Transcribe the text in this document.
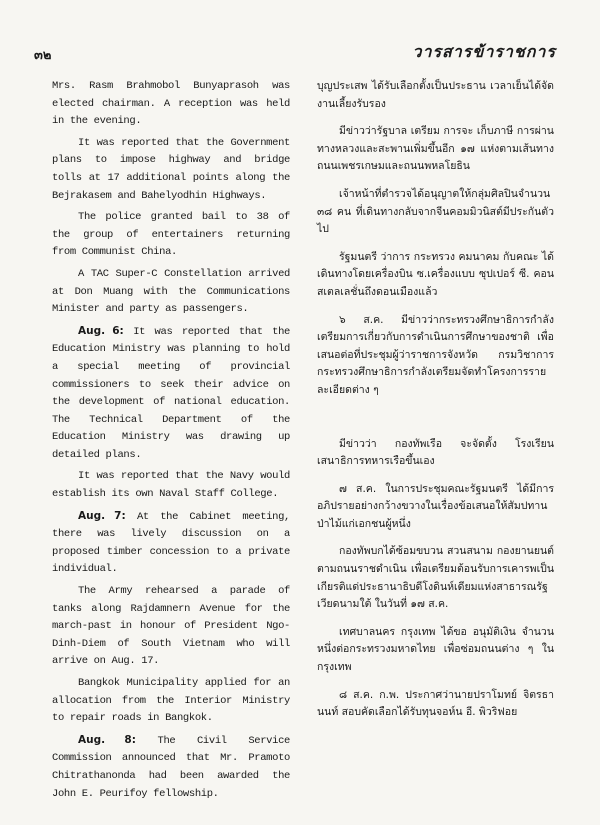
๓๒	วารสารข้าราชการ

Mrs. Rasm Brahmobol Bunyaprasoh was elected chairman. A reception was held in the evening.

It was reported that the Government plans to impose highway and bridge tolls at 17 additional points along the Bejrakasem and Bahelyodhin Highways.

The police granted bail to 38 of the group of entertainers returning from Communist China.

A TAC Super-C Constellation arrived at Don Muang with the Communications Minister and party as passengers.

Aug. 6: It was reported that the Education Ministry was planning to hold a special meeting of provincial commissioners to seek their advice on the development of national education. The Technical Department of the Education Ministry was drawing up detailed plans.

It was reported that the Navy would establish its own Naval Staff College.

Aug. 7: At the Cabinet meeting, there was lively discussion on a proposed timber concession to a private individual.

The Army rehearsed a parade of tanks along Rajdamnern Avenue for the march-past in honour of President Ngo-Dinh-Diem of South Vietnam who will arrive on Aug. 17.

Bangkok Municipality applied for an allocation from the Interior Ministry to repair roads in Bangkok.

Aug. 8: The Civil Service Commission announced that Mr. Pramoto Chitrathanonda had been awarded the John E. Peurifoy fellowship.

บุญประเสพ ได้รับเลือกตั้งเป็นประธาน เวลาเย็นได้จัดงานเลี้ยงรับรอง

มีข่าวว่ารัฐบาล เตรียม การจะ เก็บภาษี การผ่านทางหลวงและสะพานเพิ่มขึ้นอีก ๑๗ แห่งตามเส้นทางถนนเพชรเกษมและถนนพหลโยธิน

เจ้าหน้าที่ตำรวจได้อนุญาตให้กลุ่มศิลปินจำนวน ๓๘ คน ที่เดินทางกลับจากจีนคอมมิวนิสต์มีประกันตัวไป

รัฐมนตรี ว่าการ กระทรวง คมนาคม กับคณะ ได้เดินทางโดยเครื่องบิน ซ.เครื่องแบบ ซุปเปอร์ ซี. คอนสเตลเลชั่นถึงดอนเมืองแล้ว

๖ ส.ค. มีข่าวว่ากระทรวงศึกษาธิการกำลังเตรียมการเกี่ยวกับการดำเนินการศึกษาของชาติ เพื่อเสนอต่อที่ประชุมผู้ว่าราชการจังหวัด กรมวิชาการ กระทรวงศึกษาธิการกำลังเตรียมจัดทำโครงการรายละเอียดต่าง ๆ

มีข่าวว่า กองทัพเรือ จะจัดตั้ง โรงเรียน เสนาธิการทหารเรือขึ้นเอง

๗ ส.ค. ในการประชุมคณะรัฐมนตรี ได้มีการอภิปรายอย่างกว้างขวางในเรื่องข้อเสนอให้สัมปทานป่าไม้แก่เอกชนผู้หนึ่ง

กองทัพบกได้ซ้อมขบวน สวนสนาม กองยานยนต์ตามถนนราชดำเนิน เพื่อเตรียมต้อนรับการเคารพเป็นเกียรติแด่ประธานาธิบดีโงดินห์เดียมแห่งสาธารณรัฐเวียดนามใต้ ในวันที่ ๑๗ ส.ค.

เทศบาลนคร กรุงเทพ ได้ขอ อนุมัติเงิน จำนวนหนึ่งต่อกระทรวงมหาดไทย เพื่อซ่อมถนนต่าง ๆ ในกรุงเทพ

๘ ส.ค. ก.พ. ประกาศว่านายปราโมทย์ จิตรธานนท์ สอบคัดเลือกได้รับทุนจอห์น อี. พิวริฟอย
